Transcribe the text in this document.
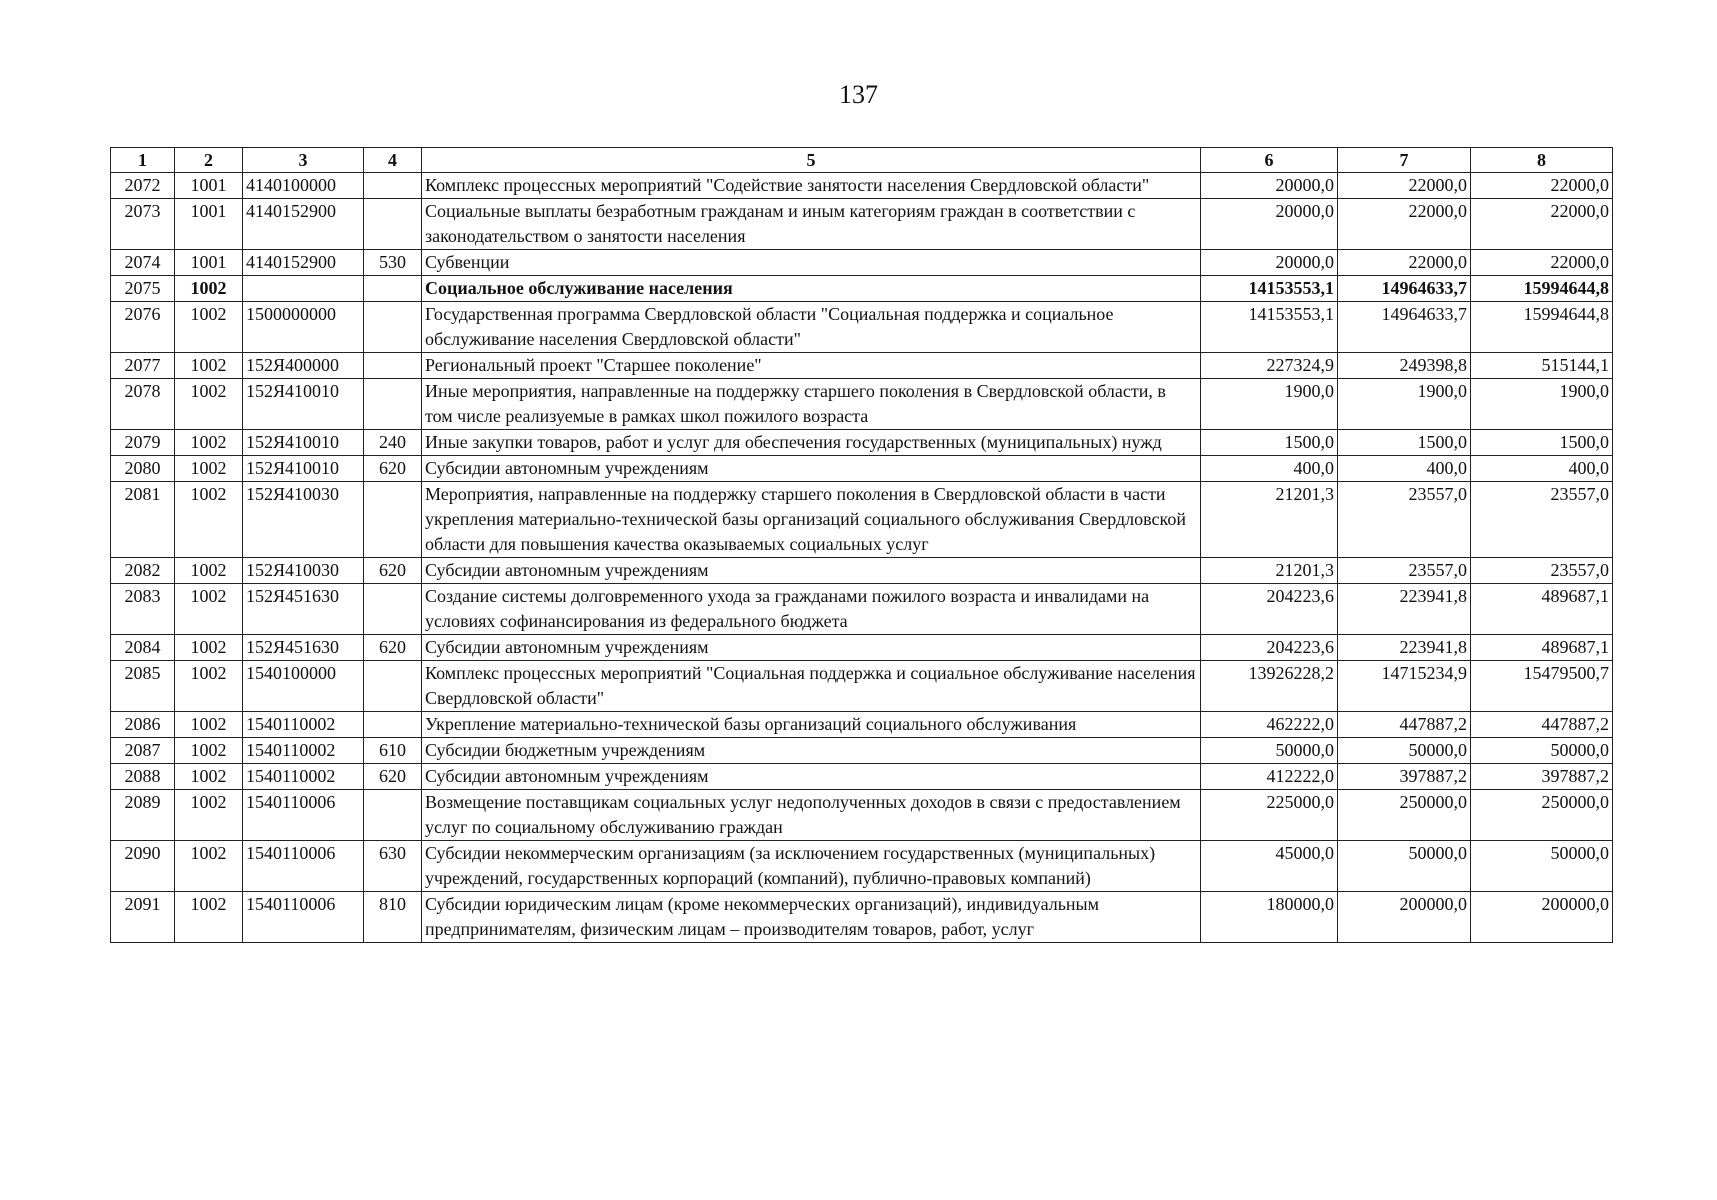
137
1	2	3	4	5	6	7	8
2072	1001	4140100000		Комплекс процессных мероприятий "Содействие занятости населения Свердловской области"	20000,0	22000,0	22000,0
2073	1001	4140152900		Социальные выплаты безработным гражданам и иным категориям граждан в соответствии с законодательством о занятости населения	20000,0	22000,0	22000,0
2074	1001	4140152900	530	Субвенции	20000,0	22000,0	22000,0
2075	1002			Социальное обслуживание населения	14153553,1	14964633,7	15994644,8
2076	1002	1500000000		Государственная программа Свердловской области "Социальная поддержка и социальное обслуживание населения Свердловской области"	14153553,1	14964633,7	15994644,8
2077	1002	152Я400000		Региональный проект "Старшее поколение"	227324,9	249398,8	515144,1
2078	1002	152Я410010		Иные мероприятия, направленные на поддержку старшего поколения в Свердловской области, в том числе реализуемые в рамках школ пожилого возраста	1900,0	1900,0	1900,0
2079	1002	152Я410010	240	Иные закупки товаров, работ и услуг для обеспечения государственных (муниципальных) нужд	1500,0	1500,0	1500,0
2080	1002	152Я410010	620	Субсидии автономным учреждениям	400,0	400,0	400,0
2081	1002	152Я410030		Мероприятия, направленные на поддержку старшего поколения в Свердловской области в части укрепления материально-технической базы организаций социального обслуживания Свердловской области для повышения качества оказываемых социальных услуг	21201,3	23557,0	23557,0
2082	1002	152Я410030	620	Субсидии автономным учреждениям	21201,3	23557,0	23557,0
2083	1002	152Я451630		Создание системы долговременного ухода за гражданами пожилого возраста и инвалидами на условиях софинансирования из федерального бюджета	204223,6	223941,8	489687,1
2084	1002	152Я451630	620	Субсидии автономным учреждениям	204223,6	223941,8	489687,1
2085	1002	1540100000		Комплекс процессных мероприятий "Социальная поддержка и социальное обслуживание населения Свердловской области"	13926228,2	14715234,9	15479500,7
2086	1002	1540110002		Укрепление материально-технической базы организаций социального обслуживания	462222,0	447887,2	447887,2
2087	1002	1540110002	610	Субсидии бюджетным учреждениям	50000,0	50000,0	50000,0
2088	1002	1540110002	620	Субсидии автономным учреждениям	412222,0	397887,2	397887,2
2089	1002	1540110006		Возмещение поставщикам социальных услуг недополученных доходов в связи с предоставлением услуг по социальному обслуживанию граждан	225000,0	250000,0	250000,0
2090	1002	1540110006	630	Субсидии некоммерческим организациям (за исключением государственных (муниципальных) учреждений, государственных корпораций (компаний), публично-правовых компаний)	45000,0	50000,0	50000,0
2091	1002	1540110006	810	Субсидии юридическим лицам (кроме некоммерческих организаций), индивидуальным предпринимателям, физическим лицам – производителям товаров, работ, услуг	180000,0	200000,0	200000,0
